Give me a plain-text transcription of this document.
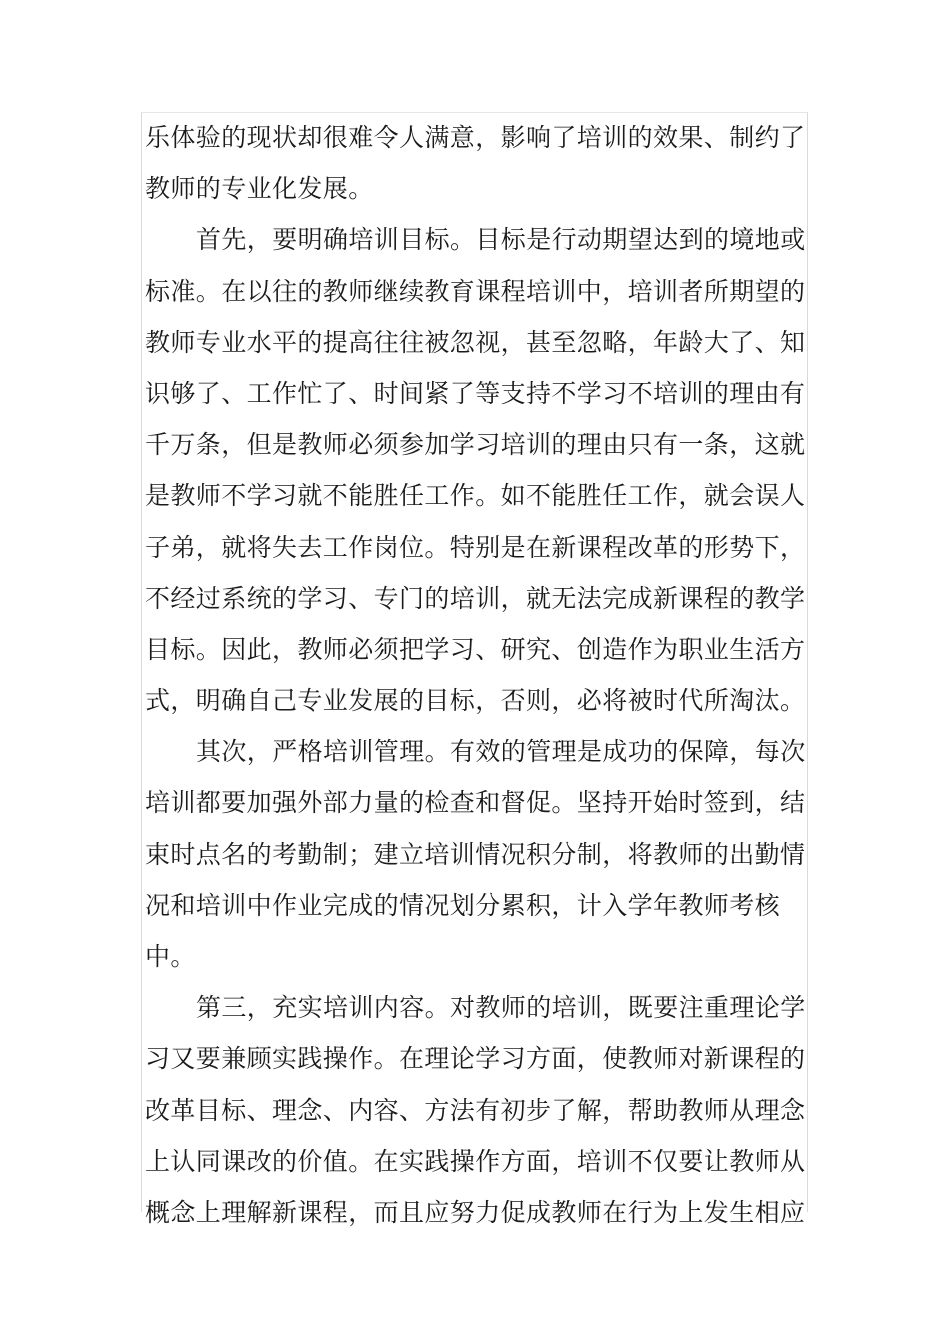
乐体验的现状却很难令人满意，影响了培训的效果、制约了
教师的专业化发展。
首先，要明确培训目标。目标是行动期望达到的境地或
标准。在以往的教师继续教育课程培训中，培训者所期望的
教师专业水平的提高往往被忽视，甚至忽略，年龄大了、知
识够了、工作忙了、时间紧了等支持不学习不培训的理由有
千万条，但是教师必须参加学习培训的理由只有一条，这就
是教师不学习就不能胜任工作。如不能胜任工作，就会误人
子弟，就将失去工作岗位。特别是在新课程改革的形势下，
不经过系统的学习、专门的培训，就无法完成新课程的教学
目标。因此，教师必须把学习、研究、创造作为职业生活方
式，明确自己专业发展的目标，否则，必将被时代所淘汰。
其次，严格培训管理。有效的管理是成功的保障，每次
培训都要加强外部力量的检查和督促。坚持开始时签到，结
束时点名的考勤制；建立培训情况积分制，将教师的出勤情
况和培训中作业完成的情况划分累积，计入学年教师考核
中。
第三，充实培训内容。对教师的培训，既要注重理论学
习又要兼顾实践操作。在理论学习方面，使教师对新课程的
改革目标、理念、内容、方法有初步了解，帮助教师从理念
上认同课改的价值。在实践操作方面，培训不仅要让教师从
概念上理解新课程，而且应努力促成教师在行为上发生相应
